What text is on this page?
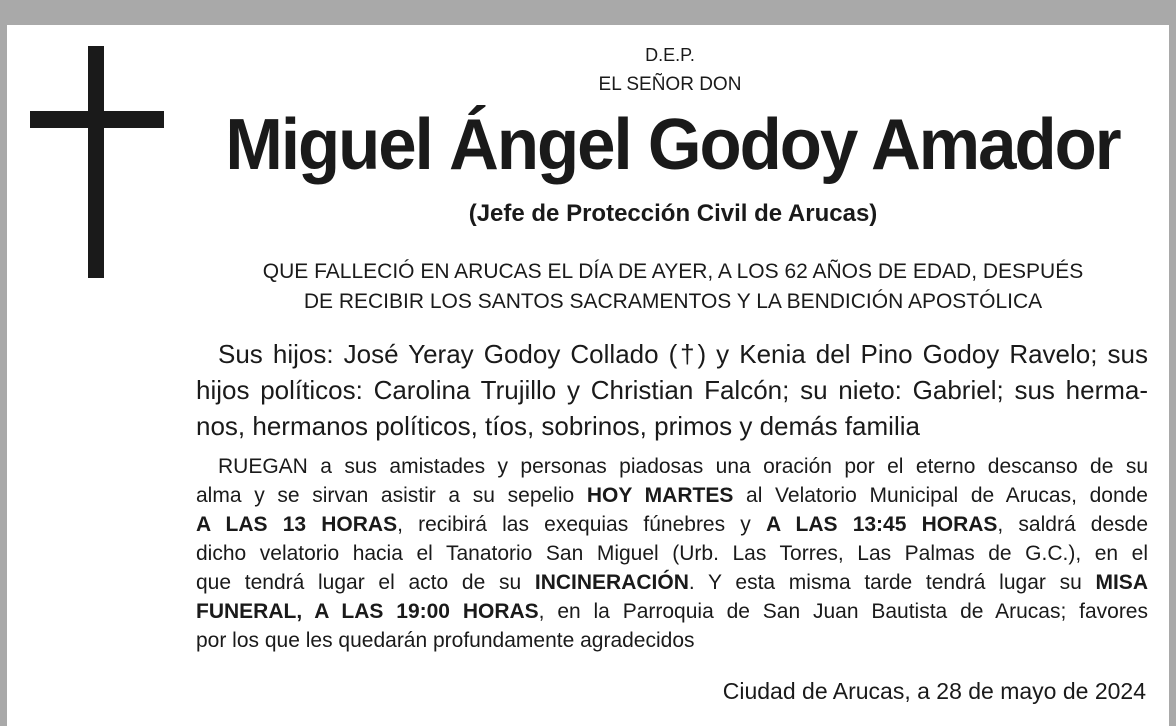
D.E.P.
EL SEÑOR DON
Miguel Ángel Godoy Amador
(Jefe de Protección Civil de Arucas)
QUE FALLECIÓ EN ARUCAS EL DÍA DE AYER, A LOS 62 AÑOS DE EDAD, DESPUÉS
DE RECIBIR LOS SANTOS SACRAMENTOS Y LA BENDICIÓN APOSTÓLICA
Sus hijos: José Yeray Godoy Collado (†) y Kenia del Pino Godoy Ravelo; sus
hijos políticos: Carolina Trujillo y Christian Falcón; su nieto: Gabriel; sus herma-
nos, hermanos políticos, tíos, sobrinos, primos y demás familia
RUEGAN a sus amistades y personas piadosas una oración por el eterno descanso de su
alma y se sirvan asistir a su sepelio HOY MARTES al Velatorio Municipal de Arucas, donde
A LAS 13 HORAS, recibirá las exequias fúnebres y A LAS 13:45 HORAS, saldrá desde
dicho velatorio hacia el Tanatorio San Miguel (Urb. Las Torres, Las Palmas de G.C.), en el
que tendrá lugar el acto de su INCINERACIÓN. Y esta misma tarde tendrá lugar su MISA
FUNERAL, A LAS 19:00 HORAS, en la Parroquia de San Juan Bautista de Arucas; favores
por los que les quedarán profundamente agradecidos
Ciudad de Arucas, a 28 de mayo de 2024
